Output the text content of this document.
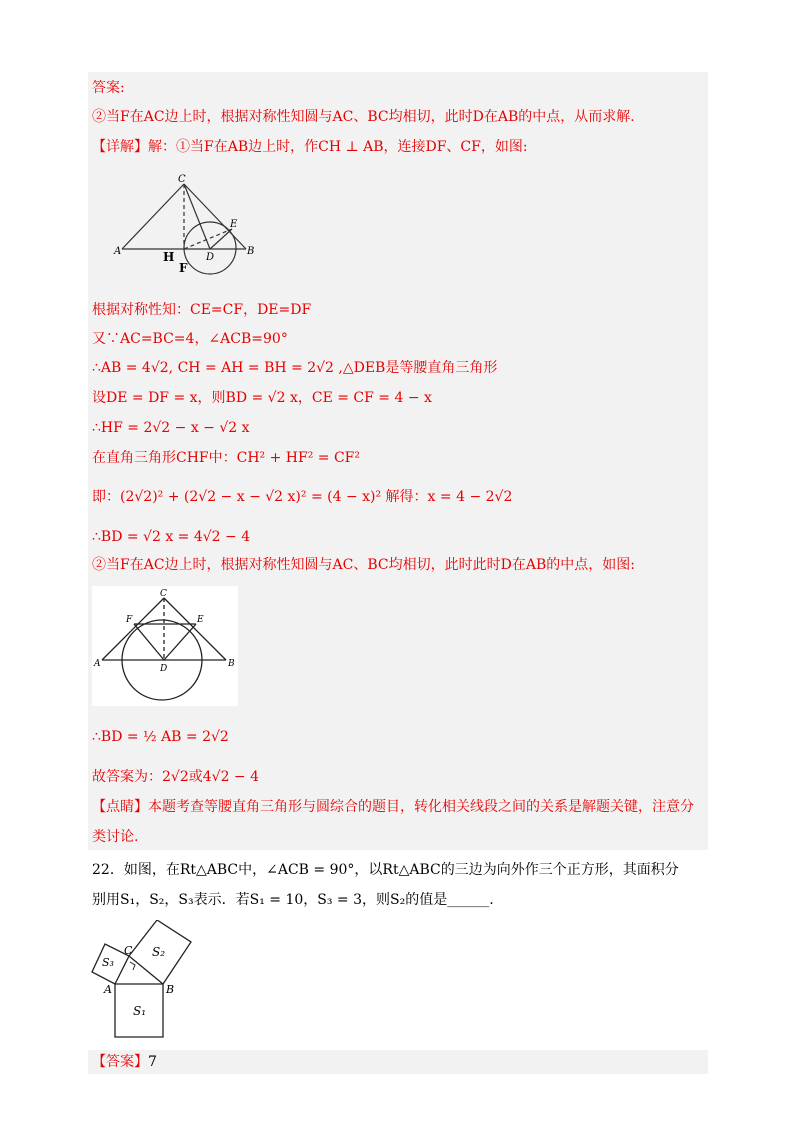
答案:
②当F在AC边上时，根据对称性知圆与AC、BC均相切，此时D在AB的中点，从而求解.
【详解】解：①当F在AB边上时，作CH ⊥ AB，连接DF、CF，如图:
C
A	H
F
D
E
B
根据对称性知：CE=CF，DE=DF
又∵AC=BC=4，∠ACB=90°
∴AB = 4√2, CH = AH = BH = 2√2 ,△DEB是等腰直角三角形
设DE = DF = x，则BD = √2 x，CE = CF = 4 − x
∴HF = 2√2 − x − √2 x
在直角三角形CHF中：CH² + HF² = CF²
即：(2√2)² + (2√2 − x − √2 x)² = (4 − x)² 解得：x = 4 − 2√2
∴BD = √2 x = 4√2 − 4
②当F在AC边上时，根据对称性知圆与AC、BC均相切，此时此时D在AB的中点，如图:
C
F	E
A	D	B
∴BD = ½ AB = 2√2
故答案为：2√2或4√2 − 4
【点睛】本题考查等腰直角三角形与圆综合的题目，转化相关线段之间的关系是解题关键，注意分
类讨论.
22．如图，在Rt△ABC中，∠ACB = 90°，以Rt△ABC的三边为向外作三个正方形，其面积分
别用S₁，S₂，S₃表示．若S₁ = 10，S₃ = 3，则S₂的值是______.
C
S₃
S₂
A	B
S₁
【答案】7
